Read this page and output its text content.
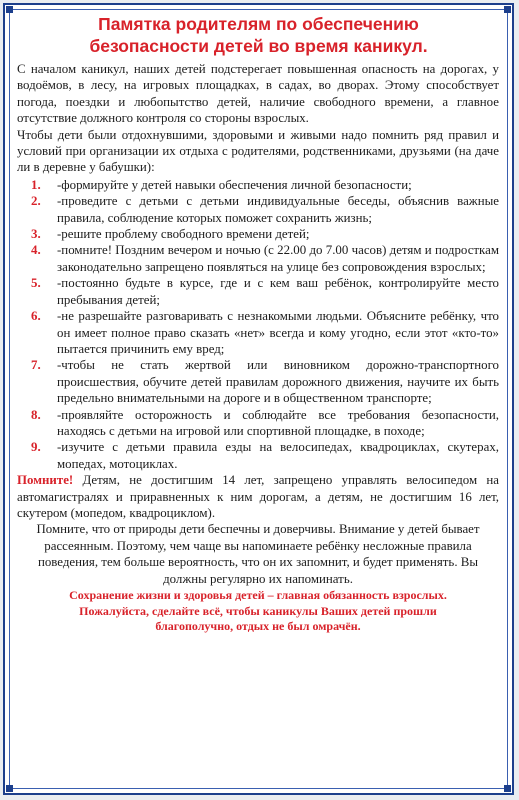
Памятка родителям по обеспечению
безопасности детей во время каникул.

С началом каникул, наших детей подстерегает повышенная опасность на дорогах, у водоёмов, в лесу, на игровых площадках, в садах, во дворах. Этому способствует погода, поездки и любопытство детей, наличие свободного времени, а главное отсутствие должного контроля со стороны взрослых.

Чтобы дети были отдохнувшими, здоровыми и живыми надо помнить ряд правил и условий при организации их отдыха с родителями, родственниками, друзьями (на даче ли в деревне у бабушки):

1.	-формируйте у детей навыки обеспечения личной безопасности;
2.	-проведите с детьми с детьми индивидуальные беседы, объяснив важные правила, соблюдение которых поможет сохранить жизнь;
3.	-решите проблему свободного времени детей;
4.	-помните! Поздним вечером и ночью (с 22.00 до 7.00 часов) детям и подросткам законодательно запрещено появляться на улице без сопровождения взрослых;
5.	-постоянно будьте в курсе, где и с кем ваш ребёнок, контролируйте место пребывания детей;
6.	-не разрешайте разговаривать с незнакомыми людьми. Объясните ребёнку, что он имеет полное право сказать «нет» всегда и кому угодно, если этот «кто-то» пытается причинить ему вред;
7.	-чтобы не стать жертвой или виновником дорожно-транспортного происшествия, обучите детей правилам дорожного движения, научите их быть предельно внимательными на дороге и в общественном транспорте;
8.	-проявляйте осторожность и соблюдайте все требования безопасности, находясь с детьми на игровой или спортивной площадке, в походе;
9.	-изучите с детьми правила езды на велосипедах, квадроциклах, скутерах, мопедах, мотоциклах.

Помните! Детям, не достигшим 14 лет, запрещено управлять велосипедом на автомагистралях и приравненных к ним дорогам, а детям, не достигшим 16 лет, скутером (мопедом, квадроциклом).

Помните, что от природы дети беспечны и доверчивы. Внимание у детей бывает рассеянным. Поэтому, чем чаще вы напоминаете ребёнку несложные правила поведения, тем больше вероятность, что он их запомнит, и будет применять. Вы должны регулярно их напоминать.

Сохранение жизни и здоровья детей – главная обязанность взрослых.
Пожалуйста, сделайте всё, чтобы каникулы Ваших детей прошли
благополучно, отдых не был омрачён.
